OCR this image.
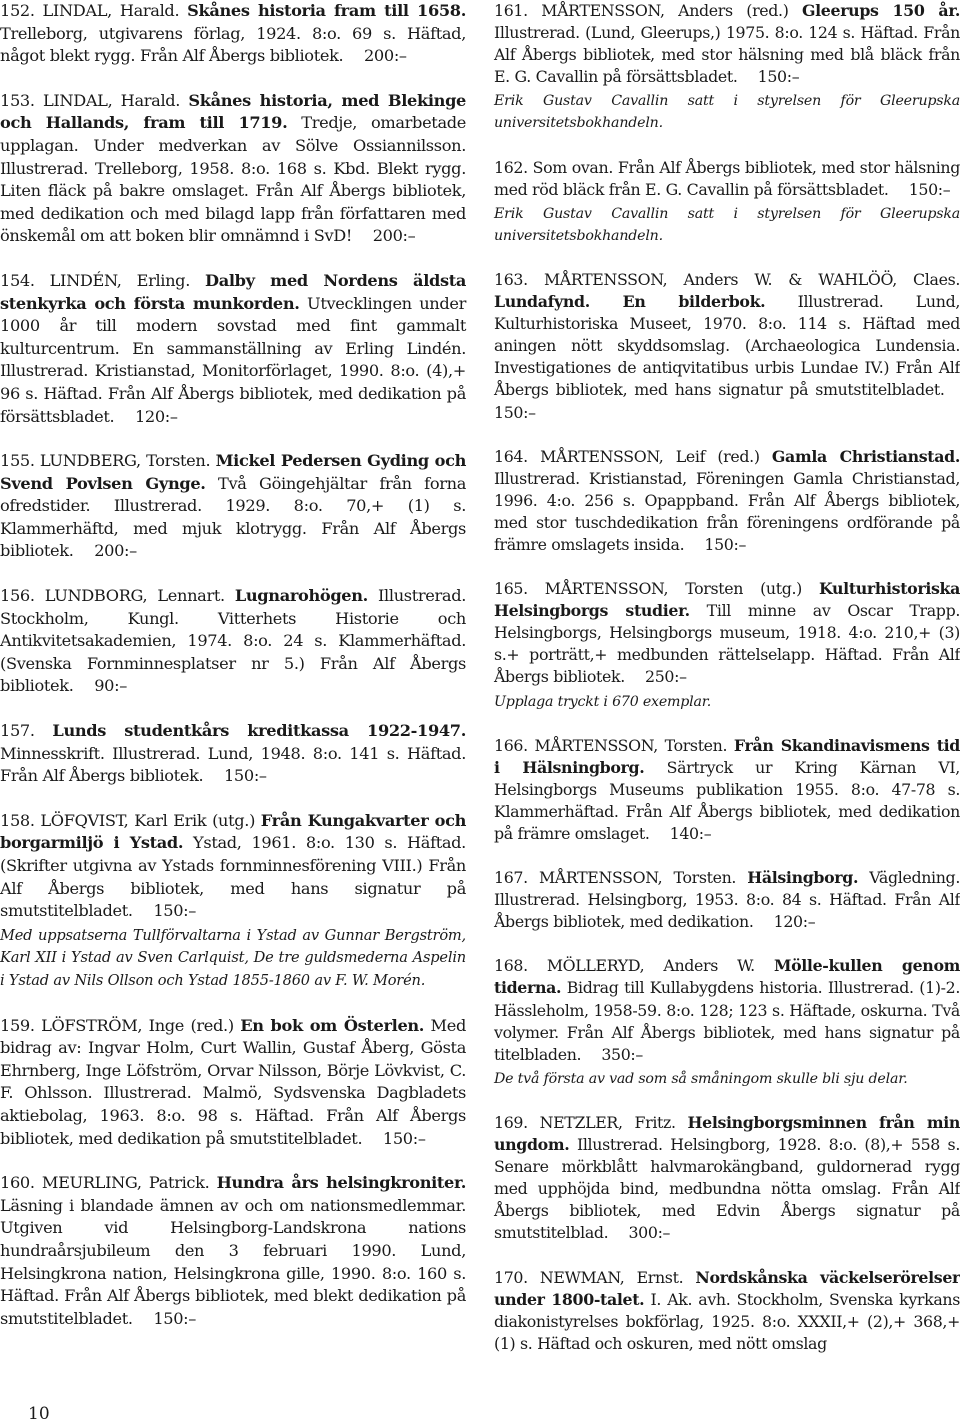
152. LINDAL, Harald. Skånes historia fram till 1658. Trelleborg, utgivarens förlag, 1924. 8:o. 69 s. Häftad, något blekt rygg. Från Alf Åbergs bibliotek.  200:–
153. LINDAL, Harald. Skånes historia, med Blekinge och Hallands, fram till 1719. Tredje, omarbetade upplagan. Under medverkan av Sölve Ossiannilsson. Illustrerad. Trelleborg, 1958. 8:o. 168 s. Kbd. Blekt rygg. Liten fläck på bakre omslaget. Från Alf Åbergs bibliotek, med dedikation och med bilagd lapp från författaren med önskemål om att boken blir omnämnd i SvD!  200:–
154. LINDÉN, Erling. Dalby med Nordens äldsta stenkyrka och första munkorden. Utvecklingen under 1000 år till modern sovstad med fint gammalt kulturcentrum. En sammanställning av Erling Lindén. Illustrerad. Kristianstad, Monitorförlaget, 1990. 8:o. (4),+ 96 s. Häftad. Från Alf Åbergs bibliotek, med dedikation på försättsbladet.  120:–
155. LUNDBERG, Torsten. Mickel Pedersen Gyding och Svend Povlsen Gynge. Två Göingehjältar från forna ofredstider. Illustrerad. 1929. 8:o. 70,+ (1) s. Klammerhäftd, med mjuk klotrygg. Från Alf Åbergs bibliotek.  200:–
156. LUNDBORG, Lennart. Lugnarohögen. Illustrerad. Stockholm, Kungl. Vitterhets Historie och Antikvitetsakademien, 1974. 8:o. 24 s. Klammerhäftad. (Svenska Fornminnesplatser nr 5.) Från Alf Åbergs bibliotek.  90:–
157. Lunds studentkårs kreditkassa 1922-1947. Minnesskrift. Illustrerad. Lund, 1948. 8:o. 141 s. Häftad. Från Alf Åbergs bibliotek.  150:–
158. LÖFQVIST, Karl Erik (utg.) Från Kungakvarter och borgarmiljö i Ystad. Ystad, 1961. 8:o. 130 s. Häftad. (Skrifter utgivna av Ystads fornminnesförening VIII.) Från Alf Åbergs bibliotek, med hans signatur på smutstitelbladet.  150:–
Med uppsatserna Tullförvaltarna i Ystad av Gunnar Bergström, Karl XII i Ystad av Sven Carlquist, De tre guldsmederna Aspelin i Ystad av Nils Ollson och Ystad 1855-1860 av F. W. Morén.
159. LÖFSTRÖM, Inge (red.) En bok om Österlen. Med bidrag av: Ingvar Holm, Curt Wallin, Gustaf Åberg, Gösta Ehrnberg, Inge Löfström, Orvar Nilsson, Börje Lövkvist, C. F. Ohlsson. Illustrerad. Malmö, Sydsvenska Dagbladets aktiebolag, 1963. 8:o. 98 s. Häftad. Från Alf Åbergs bibliotek, med dedikation på smutstitelbladet.  150:–
160. MEURLING, Patrick. Hundra års helsingkroniter. Läsning i blandade ämnen av och om nationsmedlemmar. Utgiven vid Helsingborg-Landskrona nations hundraårsjubileum den 3 februari 1990. Lund, Helsingkrona nation, Helsingkrona gille, 1990. 8:o. 160 s. Häftad. Från Alf Åbergs bibliotek, med blekt dedikation på smutstitelbladet.  150:–
161. MÅRTENSSON, Anders (red.) Gleerups 150 år. Illustrerad. (Lund, Gleerups,) 1975. 8:o. 124 s. Häftad. Från Alf Åbergs bibliotek, med stor hälsning med blå bläck från E. G. Cavallin på försättsbladet.  150:–
Erik Gustav Cavallin satt i styrelsen för Gleerupska universitetsbokhandeln.
162. Som ovan. Från Alf Åbergs bibliotek, med stor hälsning med röd bläck från E. G. Cavallin på försättsbladet.  150:–
Erik Gustav Cavallin satt i styrelsen för Gleerupska universitetsbokhandeln.
163. MÅRTENSSON, Anders W. & WAHLÖÖ, Claes. Lundafynd. En bilderbok. Illustrerad. Lund, Kulturhistoriska Museet, 1970. 8:o. 114 s. Häftad med aningen nött skyddsomslag. (Archaeologica Lundensia. Investigationes de antiqvitatibus urbis Lundae IV.) Från Alf Åbergs bibliotek, med hans signatur på smutstitelbladet.  150:–
164. MÅRTENSSON, Leif (red.) Gamla Christianstad. Illustrerad. Kristianstad, Föreningen Gamla Christianstad, 1996. 4:o. 256 s. Opappband. Från Alf Åbergs bibliotek, med stor tuschdedikation från föreningens ordförande på främre omslagets insida.  150:–
165. MÅRTENSSON, Torsten (utg.) Kulturhistoriska Helsingborgs studier. Till minne av Oscar Trapp. Helsingborgs, Helsingborgs museum, 1918. 4:o. 210,+ (3) s.+ porträtt,+ medbunden rättelselapp. Häftad. Från Alf Åbergs bibliotek.  250:–
Upplaga tryckt i 670 exemplar.
166. MÅRTENSSON, Torsten. Från Skandinavismens tid i Hälsningborg. Särtryck ur Kring Kärnan VI, Helsingborgs Museums publikation 1955. 8:o. 47-78 s. Klammerhäftad. Från Alf Åbergs bibliotek, med dedikation på främre omslaget.  140:–
167. MÅRTENSSON, Torsten. Hälsingborg. Vägledning. Illustrerad. Helsingborg, 1953. 8:o. 84 s. Häftad. Från Alf Åbergs bibliotek, med dedikation.  120:–
168. MÖLLERYD, Anders W. Mölle-kullen genom tiderna. Bidrag till Kullabygdens historia. Illustrerad. (1)-2. Hässleholm, 1958-59. 8:o. 128; 123 s. Häftade, oskurna. Två volymer. Från Alf Åbergs bibliotek, med hans signatur på titelbladen.  350:–
De två första av vad som så småningom skulle bli sju delar.
169. NETZLER, Fritz. Helsingborgsminnen från min ungdom. Illustrerad. Helsingborg, 1928. 8:o. (8),+ 558 s. Senare mörkblått halvmarokängband, guldornerad rygg med upphöjda bind, medbundna nötta omslag. Från Alf Åbergs bibliotek, med Edvin Åbergs signatur på smutstitelblad.  300:–
170. NEWMAN, Ernst. Nordskånska väckelserörelser under 1800-talet. I. Ak. avh. Stockholm, Svenska kyrkans diakonistyrelses bokförlag, 1925. 8:o. XXXII,+ (2),+ 368,+ (1) s. Häftad och oskuren, med nött omslag
10
